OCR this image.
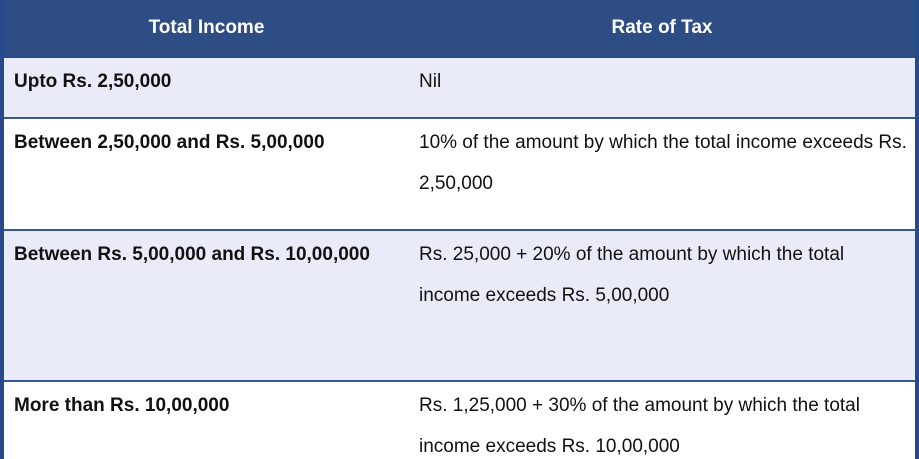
Total Income	Rate of Tax
Upto Rs. 2,50,000	Nil
Between 2,50,000 and Rs. 5,00,000	10% of the amount by which the total income exceeds Rs. 2,50,000
Between Rs. 5,00,000 and Rs. 10,00,000	Rs. 25,000 + 20% of the amount by which the total income exceeds Rs. 5,00,000
More than Rs. 10,00,000	Rs. 1,25,000 + 30% of the amount by which the total income exceeds Rs. 10,00,000
